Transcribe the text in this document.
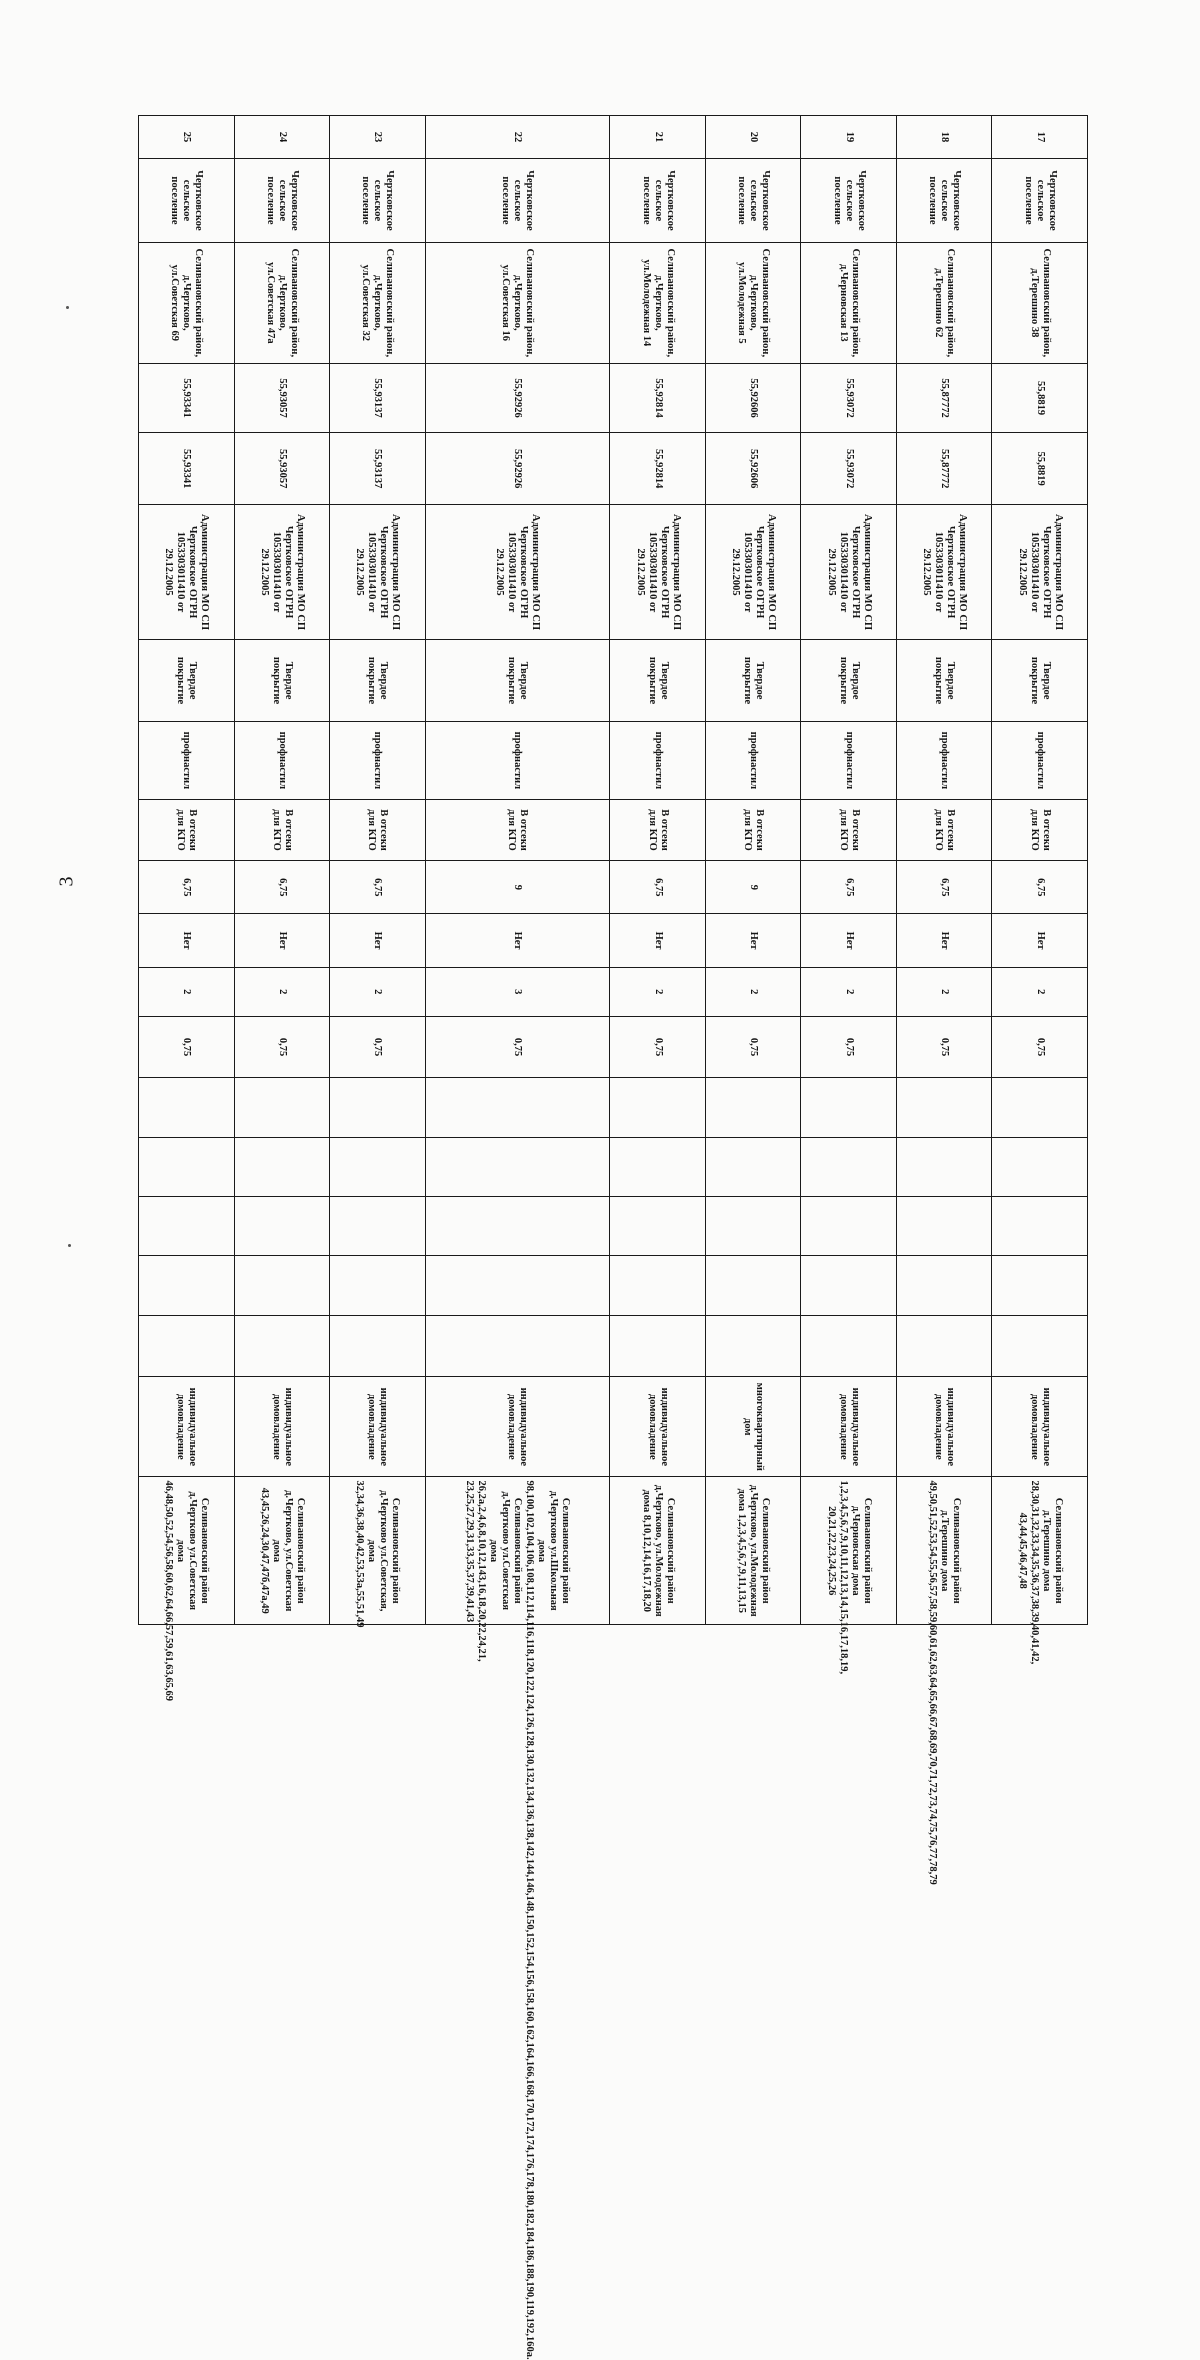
3
17	Чертковское сельское поселение	Селивановский район, д.Терешино 38	55,8819	55,8819	Администрация МО СП Чертковское ОГРН 1053303011410 от 29.12.2005	Твердое покрытие	профнастил	В отсеки для КГО	6,75	Нет	2	0,75						индивидуальное домовладение	Селивановский район д.Терешино дома 28,30,31,32,33,34,35,36,37,38,39,40,41,42, 43,44,45,46,47,48
18	Чертковское сельское поселение	Селивановский район, д.Терешино 62	55,87772	55,87772	Администрация МО СП Чертковское ОГРН 1053303011410 от 29.12.2005	Твердое покрытие	профнастил	В отсеки для КГО	6,75	Нет	2	0,75						индивидуальное домовладение	Селивановский район д.Терешино дома 49,50,51,52,53,54,55,56,57,58,59,60,61,62,63,64,65,66,67,68,69,70,71,72,73,74,75,76,77,78,79
19	Чертковское сельское поселение	Селивановский район, д.Черновская 13	55,93072	55,93072	Администрация МО СП Чертковское ОГРН 1053303011410 от 29.12.2005	Твердое покрытие	профнастил	В отсеки для КГО	6,75	Нет	2	0,75						индивидуальное домовладение	Селивановский район д.Черновская дома 1,2,3,4,5,6,7,9,10,11,12,13,14,15,16,17,18,19, 20,21,22,23,24,25,26
20	Чертковское сельское поселение	Селивановский район, д.Чертково, ул.Молодежная 5	55,92606	55,92606	Администрация МО СП Чертковское ОГРН 1053303011410 от 29.12.2005	Твердое покрытие	профнастил	В отсеки для КГО	9	Нет	2	0,75						многоквартирный дом	Селивановский район д.Чертково, ул.Молодежная дома 1,2,3,4,5,6,7,9,11,13,15
21	Чертковское сельское поселение	Селивановский район, д.Чертково, ул.Молодежная 14	55,92814	55,92814	Администрация МО СП Чертковское ОГРН 1053303011410 от 29.12.2005	Твердое покрытие	профнастил	В отсеки для КГО	6,75	Нет	2	0,75						индивидуальное домовладение	Селивановский район д.Чертково, ул.Молодежная дома 8,10,12,14,16,17,18,20
22	Чертковское сельское поселение	Селивановский район, д.Чертково, ул.Советская 16	55,92926	55,92926	Администрация МО СП Чертковское ОГРН 1053303011410 от 29.12.2005	Твердое покрытие	профнастил	В отсеки для КГО	9	Нет	3	0,75						индивидуальное домовладение	Селивановский район д.Чертково ул.Школьная дома 98,100,102,104,106,108,112,114,116,118,120,122,124,126,128,130,132,134,136,138,142,144,146,148,150,152,154,156,158,160,162,164,166,168,170,172,174,176,178,180,182,184,186,188,190,119,192,160а. Селивановский район д.Чертково ул.Советская дома 26,2а,2,4,6,8,10,12,143,16,18,20,22,24,21, 23,25,27,29,31,33,35,37,39,41,43
23	Чертковское сельское поселение	Селивановский район, д.Чертково, ул.Советская 32	55,93137	55,93137	Администрация МО СП Чертковское ОГРН 1053303011410 от 29.12.2005	Твердое покрытие	профнастил	В отсеки для КГО	6,75	Нет	2	0,75						индивидуальное домовладение	Селивановский район д.Чертково ул.Советская, дома 32,34,36,38,40,42,53,53а,55,51,49
24	Чертковское сельское поселение	Селивановский район, д.Чертково, ул.Советская 47а	55,93057	55,93057	Администрация МО СП Чертковское ОГРН 1053303011410 от 29.12.2005	Твердое покрытие	профнастил	В отсеки для КГО	6,75	Нет	2	0,75						индивидуальное домовладение	Селивановский район д.Чертково, ул.Советская дома 43,45,26,24,30,47,47б,47а,49
25	Чертковское сельское поселение	Селивановский район, д.Чертково, ул.Советская 69	55,93341	55,93341	Администрация МО СП Чертковское ОГРН 1053303011410 от 29.12.2005	Твердое покрытие	профнастил	В отсеки для КГО	6,75	Нет	2	0,75						индивидуальное домовладение	Селивановский район д.Чертково ул.Советская дома 46,48,50,52,54,56,58,60,62,64,66,57,59,61,63,65,69
